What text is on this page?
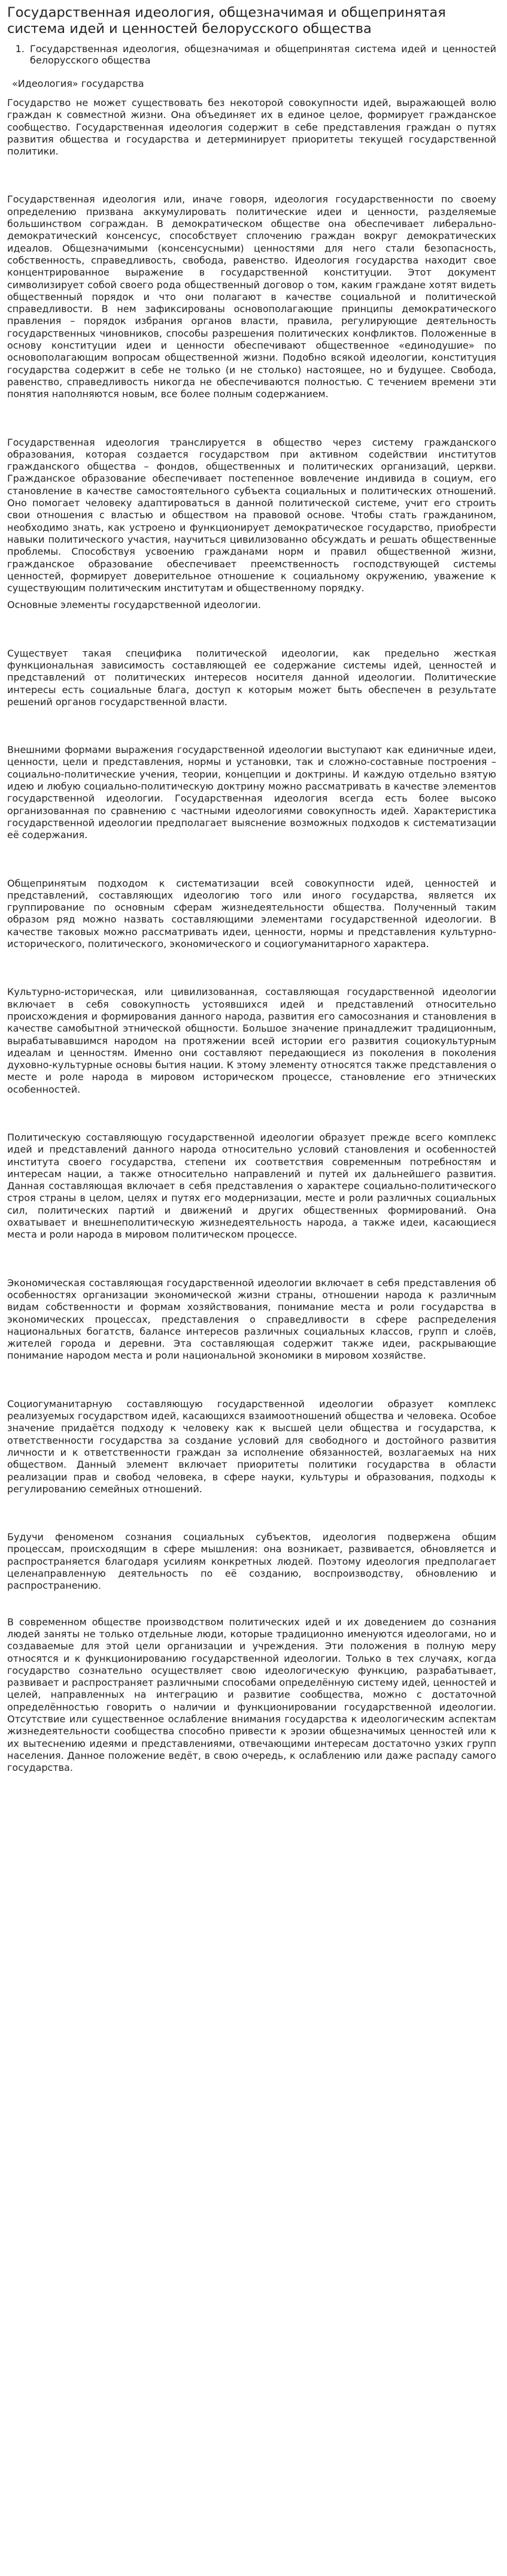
Государственная идеология, общезначимая и общепринятая система идей и ценностей белорусского общества
1. Государственная идеология, общезначимая и общепринятая система идей и ценностей белорусского общества
«Идеология» государства

Государство не может существовать без некоторой совокупности идей, выражающей волю граждан к совместной жизни. Она объединяет их в единое целое, формирует гражданское сообщество. Государственная идеология содержит в себе представления граждан о путях развития общества и государства и детерминирует приоритеты текущей государственной политики.

Государственная идеология или, иначе говоря, идеология государственности по своему определению призвана аккумулировать политические идеи и ценности, разделяемые большинством сограждан. В демократическом обществе она обеспечивает либерально-демократический консенсус, способствует сплочению граждан вокруг демократических идеалов. Общезначимыми (консенсусными) ценностями для него стали безопасность, собственность, справедливость, свобода, равенство. Идеология государства находит свое концентрированное выражение в государственной конституции. Этот документ символизирует собой своего рода общественный договор о том, каким граждане хотят видеть общественный порядок и что они полагают в качестве социальной и политической справедливости. В нем зафиксированы основополагающие принципы демократического правления – порядок избрания органов власти, правила, регулирующие деятельность государственных чиновников, способы разрешения политических конфликтов. Положенные в основу конституции идеи и ценности обеспечивают общественное «единодушие» по основополагающим вопросам общественной жизни. Подобно всякой идеологии, конституция государства содержит в себе не только (и не столько) настоящее, но и будущее. Свобода, равенство, справедливость никогда не обеспечиваются полностью. С течением времени эти понятия наполняются новым, все более полным содержанием.

Государственная идеология транслируется в общество через систему гражданского образования, которая создается государством при активном содействии институтов гражданского общества – фондов, общественных и политических организаций, церкви. Гражданское образование обеспечивает постепенное вовлечение индивида в социум, его становление в качестве самостоятельного субъекта социальных и политических отношений. Оно помогает человеку адаптироваться в данной политической системе, учит его строить свои отношения с властью и обществом на правовой основе. Чтобы стать гражданином, необходимо знать, как устроено и функционирует демократическое государство, приобрести навыки политического участия, научиться цивилизованно обсуждать и решать общественные проблемы. Способствуя усвоению гражданами норм и правил общественной жизни, гражданское образование обеспечивает преемственность господствующей системы ценностей, формирует доверительное отношение к социальному окружению, уважение к существующим политическим институтам и общественному порядку.

Основные элементы государственной идеологии.

Существует такая специфика политической идеологии, как предельно жесткая функциональная зависимость составляющей ее содержание системы идей, ценностей и представлений от политических интересов носителя данной идеологии. Политические интересы есть социальные блага, доступ к которым может быть обеспечен в результате решений органов государственной власти.

Внешними формами выражения государственной идеологии выступают как единичные идеи, ценности, цели и представления, нормы и установки, так и сложно-составные построения –социально-политические учения, теории, концепции и доктрины. И каждую отдельно взятую идею и любую социально-политическую доктрину можно рассматривать в качестве элементов государственной идеологии. Государственная идеология всегда есть более высоко организованная по сравнению с частными идеологиями совокупность идей. Характеристика государственной идеологии предполагает выяснение возможных подходов к систематизации её содержания.

Общепринятым подходом к систематизации всей совокупности идей, ценностей и представлений, составляющих идеологию того или иного государства, является их группирование по основным сферам жизнедеятельности общества. Полученный таким образом ряд можно назвать составляющими элементами государственной идеологии. В качестве таковых можно рассматривать идеи, ценности, нормы и представления культурно-исторического, политического, экономического и социогуманитарного характера.

Культурно-историческая, или цивилизованная, составляющая государственной идеологии включает в себя совокупность устоявшихся идей и представлений относительно происхождения и формирования данного народа, развития его самосознания и становления в качестве самобытной этнической общности. Большое значение принадлежит традиционным, вырабатывавшимся народом на протяжении всей истории его развития социокультурным идеалам и ценностям. Именно они составляют передающиеся из поколения в поколения духовно-культурные основы бытия нации. К этому элементу относятся также представления о месте и роле народа в мировом историческом процессе, становление его этнических особенностей.

Политическую составляющую государственной идеологии образует прежде всего комплекс идей и представлений данного народа относительно условий становления и особенностей института своего государства, степени их соответствия современным потребностям и интересам нации, а также относительно направлений и путей их дальнейшего развития. Данная составляющая включает в себя представления о характере социально-политического строя страны в целом, целях и путях его модернизации, месте и роли различных социальных сил, политических партий и движений и других общественных формирований. Она охватывает и внешнеполитическую жизнедеятельность народа, а также идеи, касающиеся места и роли народа в мировом политическом процессе.

Экономическая составляющая государственной идеологии включает в себя представления об особенностях организации экономической жизни страны, отношении народа к различным видам собственности и формам хозяйствования, понимание места и роли государства в экономических процессах, представления о справедливости в сфере распределения национальных богатств, балансе интересов различных социальных классов, групп и слоёв, жителей города и деревни. Эта составляющая содержит также идеи, раскрывающие понимание народом места и роли национальной экономики в мировом хозяйстве.

Социогуманитарную составляющую государственной идеологии образует комплекс реализуемых государством идей, касающихся взаимоотношений общества и человека. Особое значение придаётся подходу к человеку как к высшей цели общества и государства, к ответственности государства за создание условий для свободного и достойного развития личности и к ответственности граждан за исполнение обязанностей, возлагаемых на них обществом. Данный элемент включает приоритеты политики государства в области реализации прав и свобод человека, в сфере науки, культуры и образования, подходы к регулированию семейных отношений.

Будучи феноменом сознания социальных субъектов, идеология подвержена общим процессам, происходящим в сфере мышления: она возникает, развивается, обновляется и распространяется благодаря усилиям конкретных людей. Поэтому идеология предполагает целенаправленную деятельность по её созданию, воспроизводству, обновлению и распространению.

В современном обществе производством политических идей и их доведением до сознания людей заняты не только отдельные люди, которые традиционно именуются идеологами, но и создаваемые для этой цели организации и учреждения. Эти положения в полную меру относятся и к функционированию государственной идеологии. Только в тех случаях, когда государство сознательно осуществляет свою идеологическую функцию, разрабатывает, развивает и распространяет различными способами определённую систему идей, ценностей и целей, направленных на интеграцию и развитие сообщества, можно с достаточной определённостью говорить о наличии и функционировании государственной идеологии. Отсутствие или существенное ослабление внимания государства к идеологическим аспектам жизнедеятельности сообщества способно привести к эрозии общезначимых ценностей или к их вытеснению идеями и представлениями, отвечающими интересам достаточно узких групп населения. Данное положение ведёт, в свою очередь, к ослаблению или даже распаду самого государства.
